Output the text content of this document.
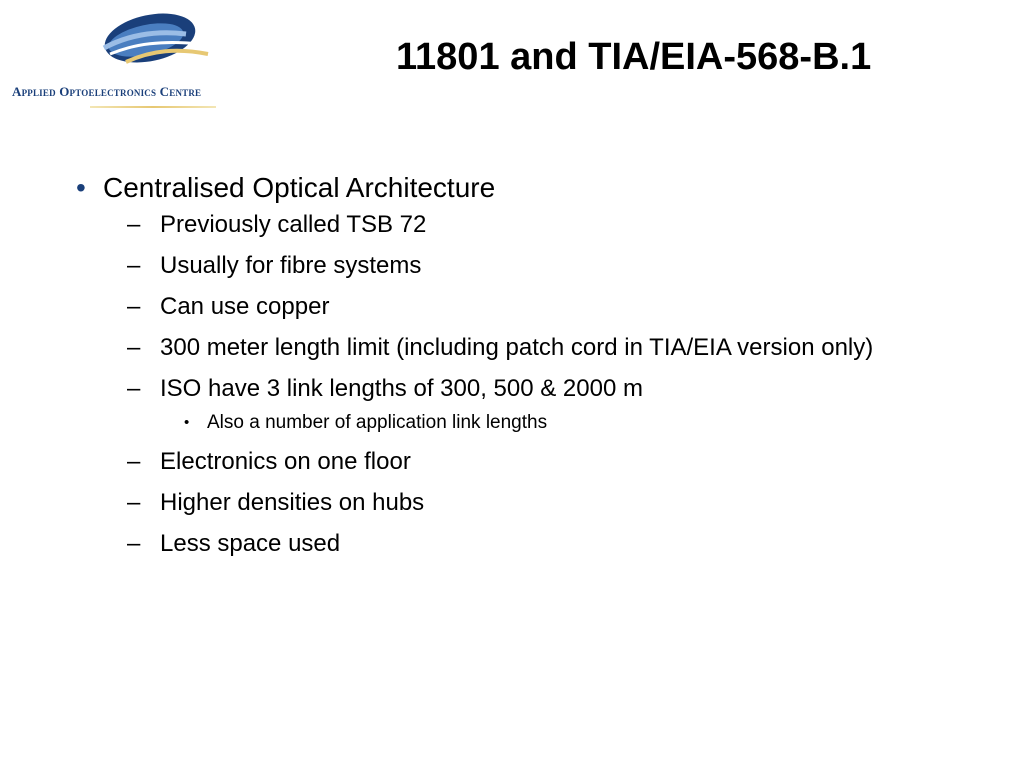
Applied Optoelectronics Centre
11801 and TIA/EIA-568-B.1
• Centralised Optical Architecture
– Previously called TSB 72
– Usually for fibre systems
– Can use copper
– 300 meter length limit (including patch cord in TIA/EIA version only)
– ISO have 3 link lengths of 300, 500 & 2000 m
• Also a number of application link lengths
– Electronics on one floor
– Higher densities on hubs
– Less space used
